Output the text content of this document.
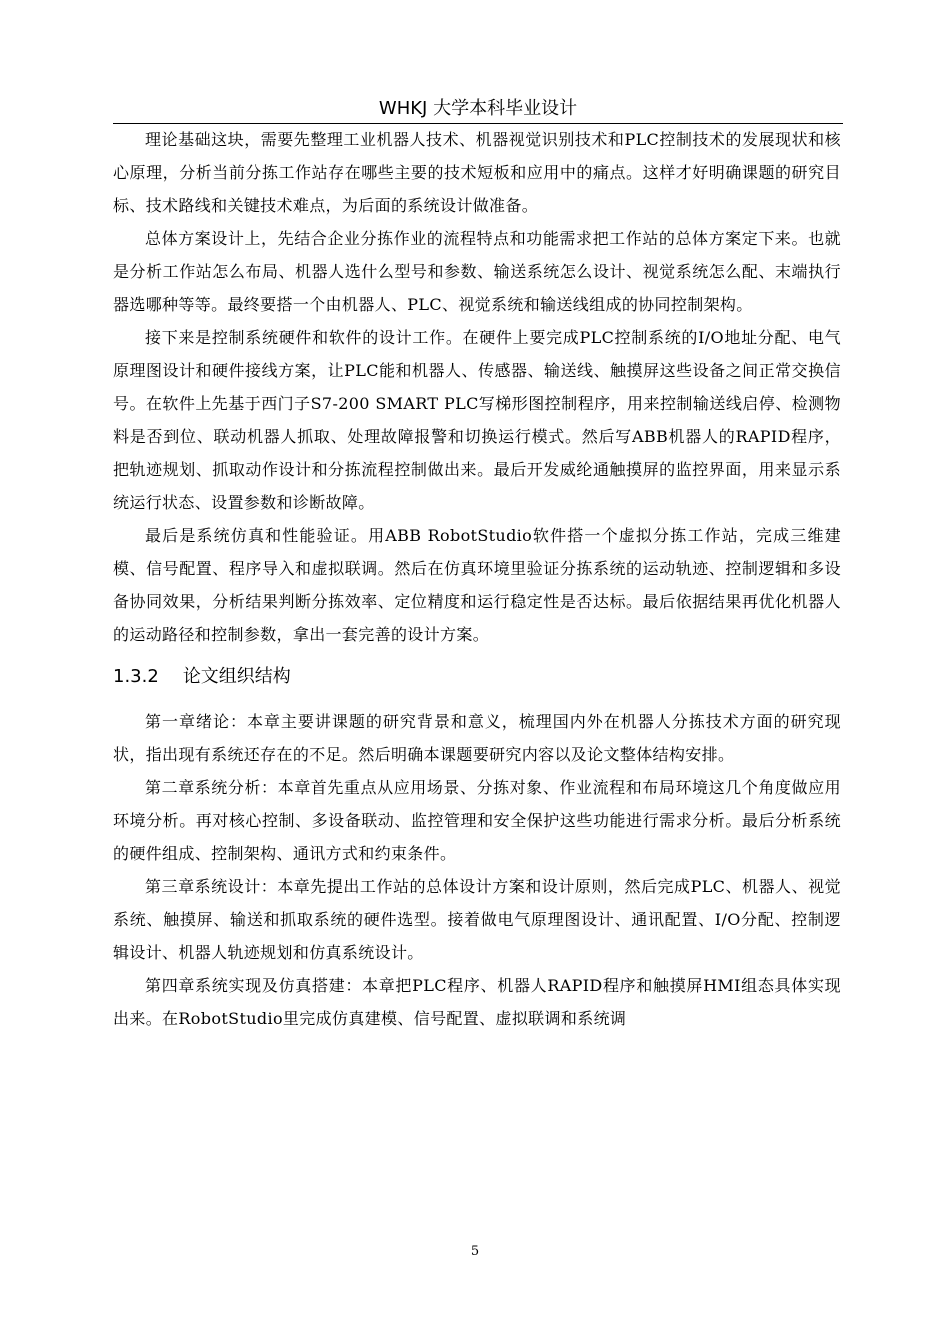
WHKJ 大学本科毕业设计

理论基础这块，需要先整理工业机器人技术、机器视觉识别技术和PLC控制技术的发展现状和核心原理，分析当前分拣工作站存在哪些主要的技术短板和应用中的痛点。这样才好明确课题的研究目标、技术路线和关键技术难点，为后面的系统设计做准备。

总体方案设计上，先结合企业分拣作业的流程特点和功能需求把工作站的总体方案定下来。也就是分析工作站怎么布局、机器人选什么型号和参数、输送系统怎么设计、视觉系统怎么配、末端执行器选哪种等等。最终要搭一个由机器人、PLC、视觉系统和输送线组成的协同控制架构。

接下来是控制系统硬件和软件的设计工作。在硬件上要完成PLC控制系统的I/O地址分配、电气原理图设计和硬件接线方案，让PLC能和机器人、传感器、输送线、触摸屏这些设备之间正常交换信号。在软件上先基于西门子S7-200 SMART PLC写梯形图控制程序，用来控制输送线启停、检测物料是否到位、联动机器人抓取、处理故障报警和切换运行模式。然后写ABB机器人的RAPID程序，把轨迹规划、抓取动作设计和分拣流程控制做出来。最后开发威纶通触摸屏的监控界面，用来显示系统运行状态、设置参数和诊断故障。

最后是系统仿真和性能验证。用ABB RobotStudio软件搭一个虚拟分拣工作站，完成三维建模、信号配置、程序导入和虚拟联调。然后在仿真环境里验证分拣系统的运动轨迹、控制逻辑和多设备协同效果，分析结果判断分拣效率、定位精度和运行稳定性是否达标。最后依据结果再优化机器人的运动路径和控制参数，拿出一套完善的设计方案。

1.3.2 论文组织结构

第一章绪论：本章主要讲课题的研究背景和意义，梳理国内外在机器人分拣技术方面的研究现状，指出现有系统还存在的不足。然后明确本课题要研究内容以及论文整体结构安排。

第二章系统分析：本章首先重点从应用场景、分拣对象、作业流程和布局环境这几个角度做应用环境分析。再对核心控制、多设备联动、监控管理和安全保护这些功能进行需求分析。最后分析系统的硬件组成、控制架构、通讯方式和约束条件。

第三章系统设计：本章先提出工作站的总体设计方案和设计原则，然后完成PLC、机器人、视觉系统、触摸屏、输送和抓取系统的硬件选型。接着做电气原理图设计、通讯配置、I/O分配、控制逻辑设计、机器人轨迹规划和仿真系统设计。

第四章系统实现及仿真搭建：本章把PLC程序、机器人RAPID程序和触摸屏HMI组态具体实现出来。在RobotStudio里完成仿真建模、信号配置、虚拟联调和系统调

5
